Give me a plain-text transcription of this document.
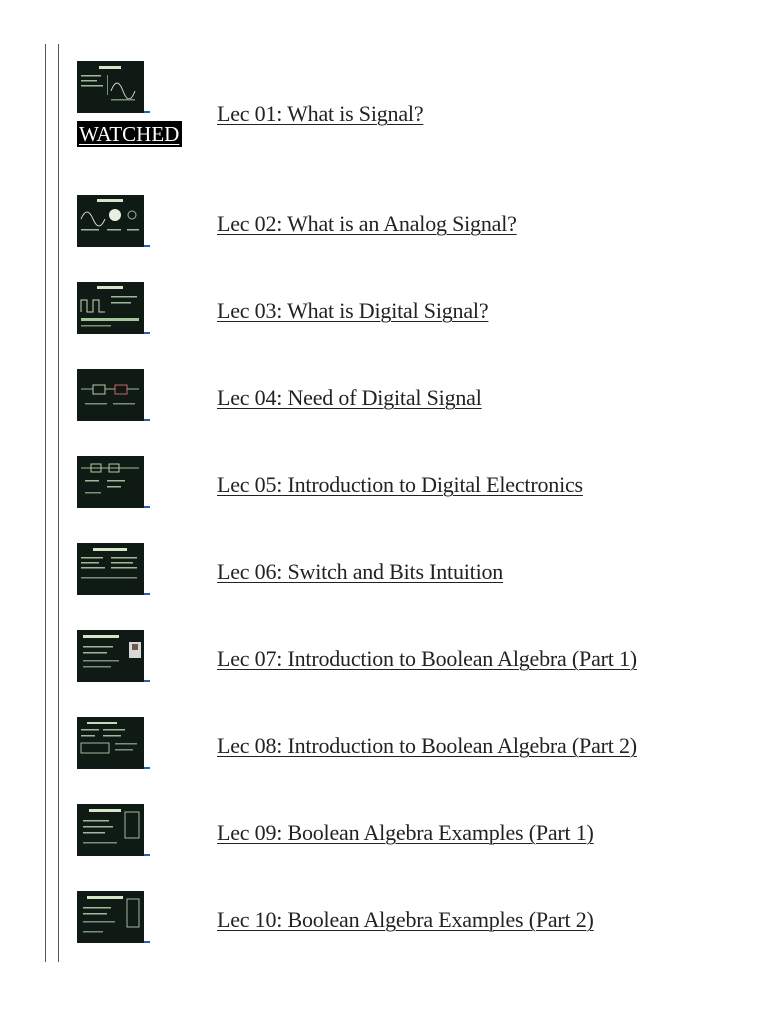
WATCHED
Lec 01: What is Signal?
Lec 02: What is an Analog Signal?
Lec 03: What is Digital Signal?
Lec 04: Need of Digital Signal
Lec 05: Introduction to Digital Electronics
Lec 06: Switch and Bits Intuition
Lec 07: Introduction to Boolean Algebra (Part 1)
Lec 08: Introduction to Boolean Algebra (Part 2)
Lec 09: Boolean Algebra Examples (Part 1)
Lec 10: Boolean Algebra Examples (Part 2)
